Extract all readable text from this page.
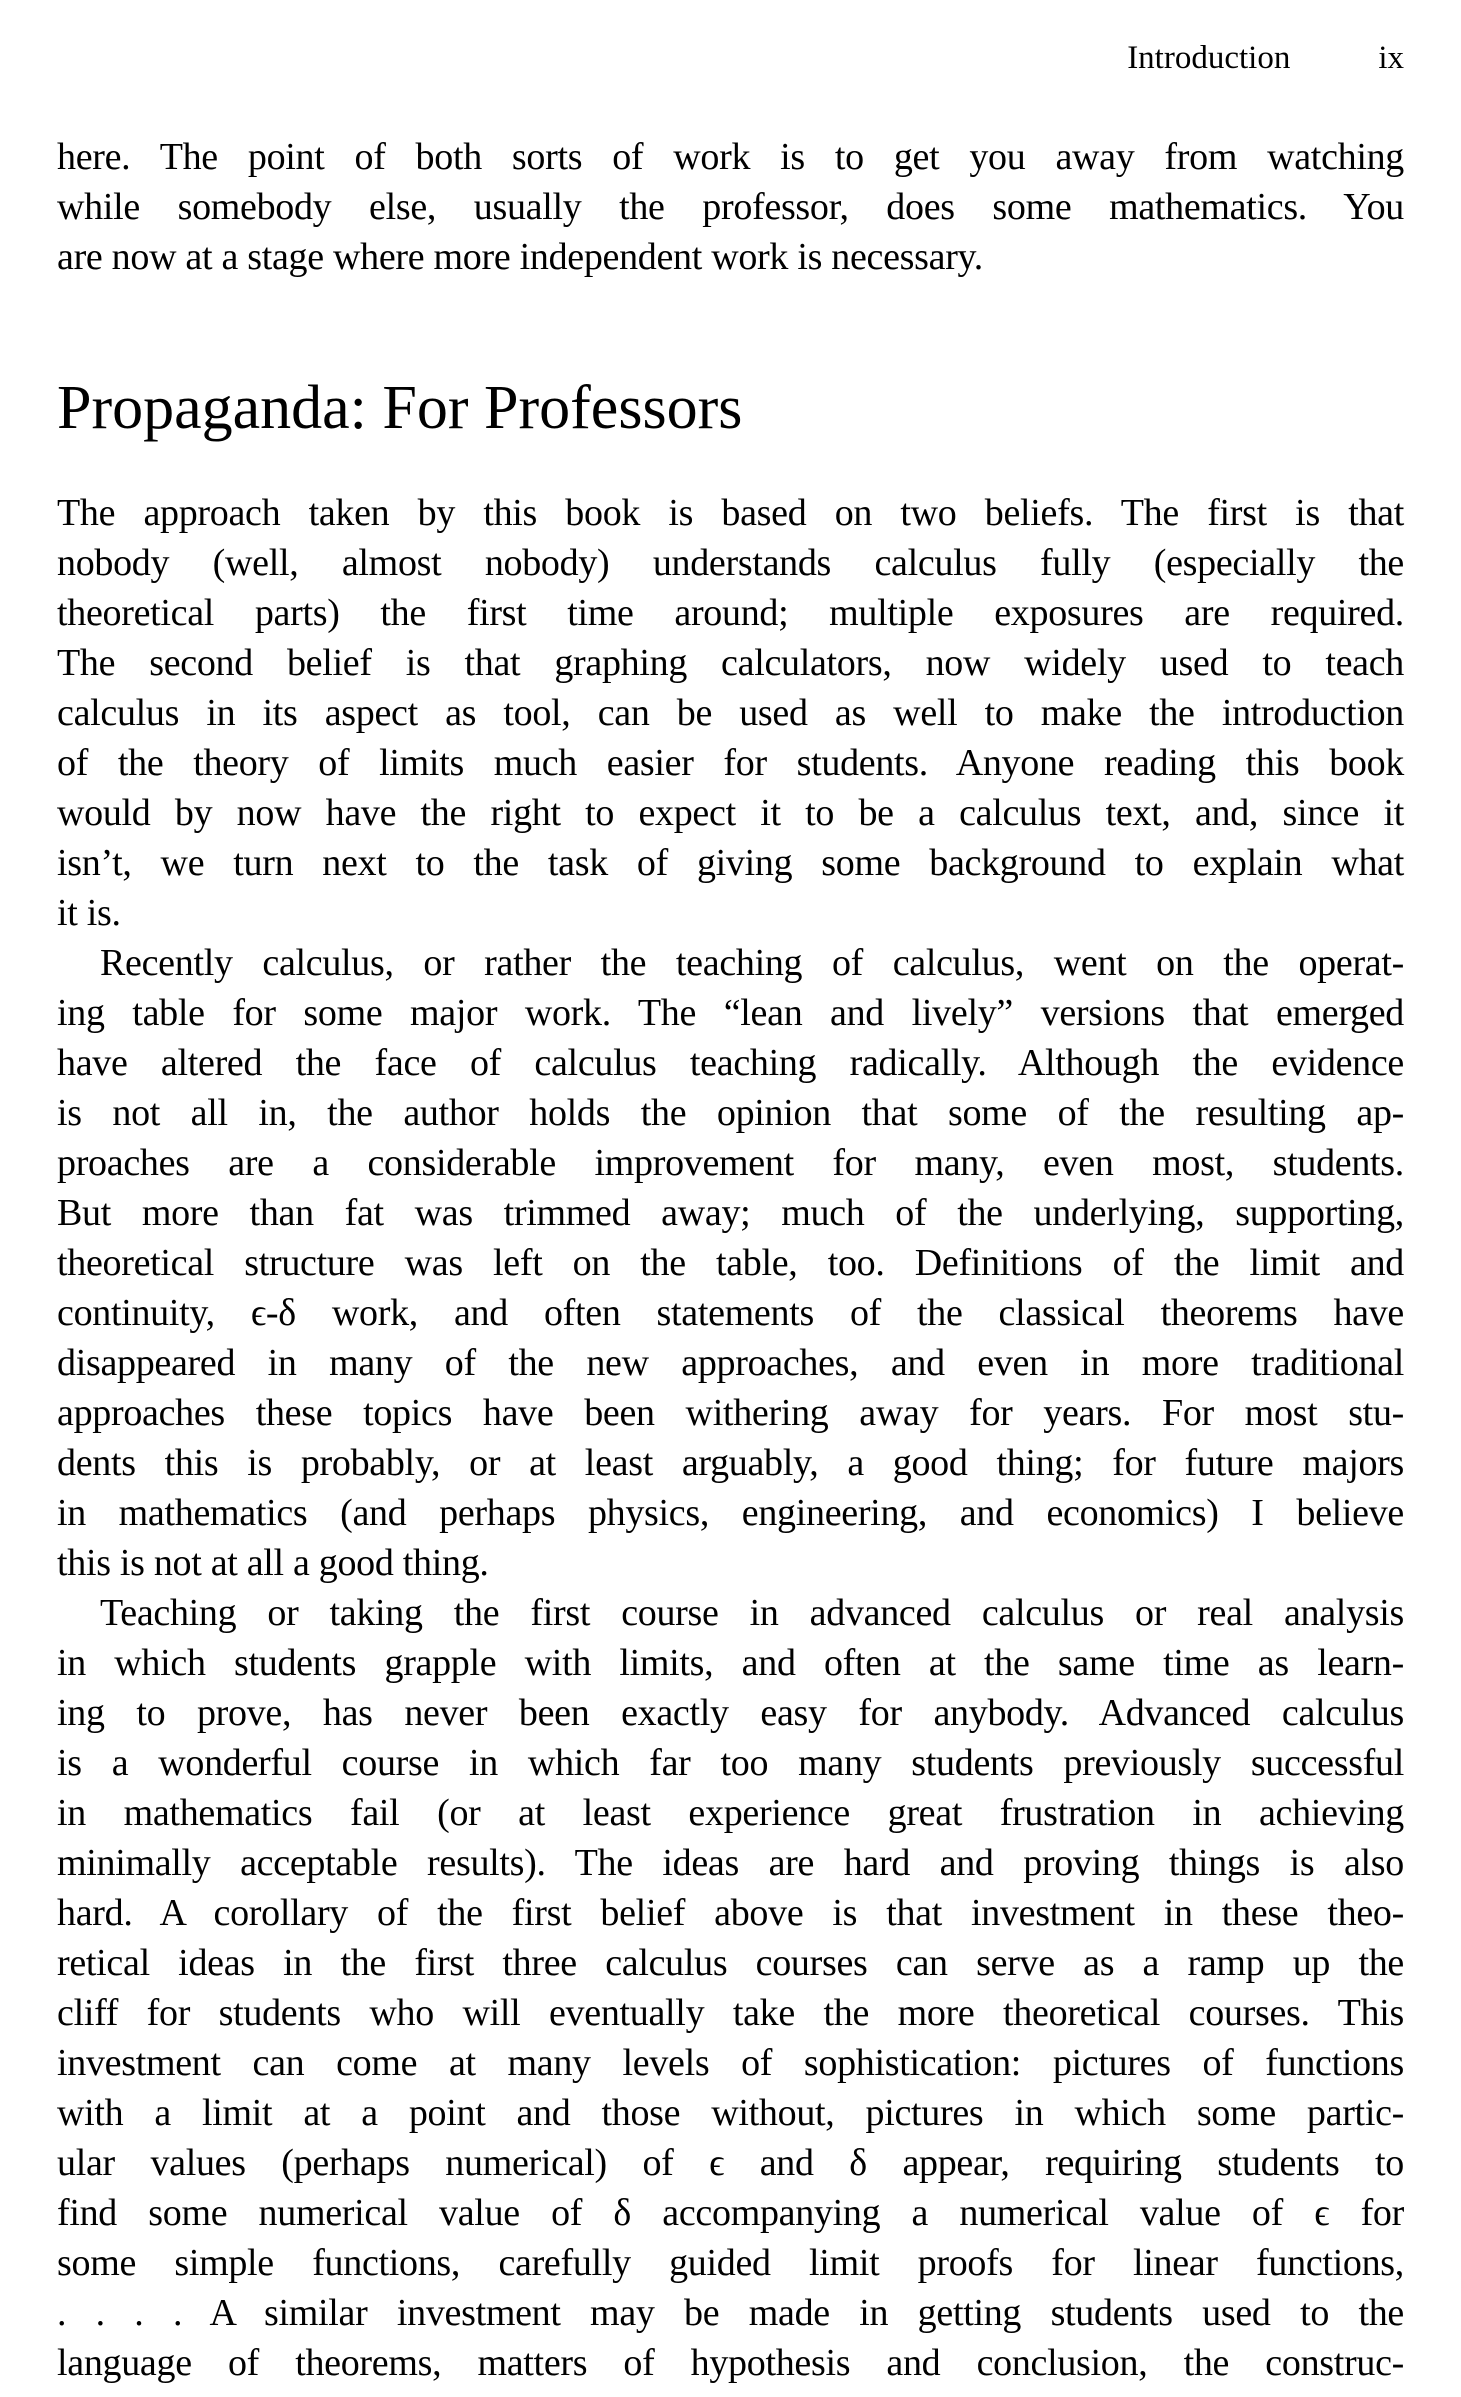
Introduction	ix
here. The point of both sorts of work is to get you away from watching
while somebody else, usually the professor, does some mathematics. You
are now at a stage where more independent work is necessary.
Propaganda: For Professors
The approach taken by this book is based on two beliefs. The first is that
nobody (well, almost nobody) understands calculus fully (especially the
theoretical parts) the first time around; multiple exposures are required.
The second belief is that graphing calculators, now widely used to teach
calculus in its aspect as tool, can be used as well to make the introduction
of the theory of limits much easier for students. Anyone reading this book
would by now have the right to expect it to be a calculus text, and, since it
isn’t, we turn next to the task of giving some background to explain what
it is.
Recently calculus, or rather the teaching of calculus, went on the operat-
ing table for some major work. The “lean and lively” versions that emerged
have altered the face of calculus teaching radically. Although the evidence
is not all in, the author holds the opinion that some of the resulting ap-
proaches are a considerable improvement for many, even most, students.
But more than fat was trimmed away; much of the underlying, supporting,
theoretical structure was left on the table, too. Definitions of the limit and
continuity, ϵ-δ work, and often statements of the classical theorems have
disappeared in many of the new approaches, and even in more traditional
approaches these topics have been withering away for years. For most stu-
dents this is probably, or at least arguably, a good thing; for future majors
in mathematics (and perhaps physics, engineering, and economics) I believe
this is not at all a good thing.
Teaching or taking the first course in advanced calculus or real analysis
in which students grapple with limits, and often at the same time as learn-
ing to prove, has never been exactly easy for anybody. Advanced calculus
is a wonderful course in which far too many students previously successful
in mathematics fail (or at least experience great frustration in achieving
minimally acceptable results). The ideas are hard and proving things is also
hard. A corollary of the first belief above is that investment in these theo-
retical ideas in the first three calculus courses can serve as a ramp up the
cliff for students who will eventually take the more theoretical courses. This
investment can come at many levels of sophistication: pictures of functions
with a limit at a point and those without, pictures in which some partic-
ular values (perhaps numerical) of ϵ and δ appear, requiring students to
find some numerical value of δ accompanying a numerical value of ϵ for
some simple functions, carefully guided limit proofs for linear functions,
. . . . A similar investment may be made in getting students used to the
language of theorems, matters of hypothesis and conclusion, the construc-
